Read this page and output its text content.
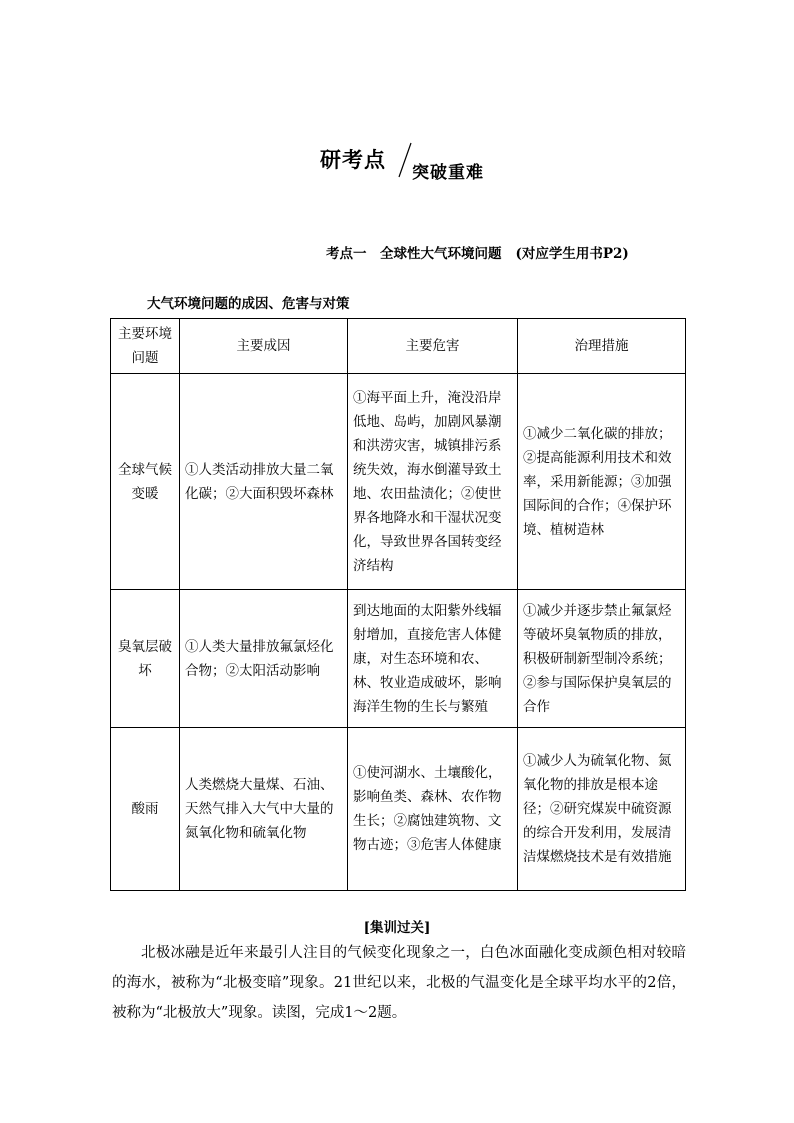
研考点
突破重难
考点一　全球性大气环境问题 (对应学生用书P2)
大气环境问题的成因、危害与对策
主要环境问题	主要成因	主要危害	治理措施
全球气候变暖	①人类活动排放大量二氧化碳；②大面积毁坏森林	①海平面上升，淹没沿岸低地、岛屿，加剧风暴潮和洪涝灾害，城镇排污系统失效，海水倒灌导致土地、农田盐渍化；②使世界各地降水和干湿状况变化，导致世界各国转变经济结构	①减少二氧化碳的排放；②提高能源利用技术和效率，采用新能源；③加强国际间的合作；④保护环境、植树造林
臭氧层破坏	①人类大量排放氟氯烃化合物；②太阳活动影响	到达地面的太阳紫外线辐射增加，直接危害人体健康，对生态环境和农、林、牧业造成破坏，影响海洋生物的生长与繁殖	①减少并逐步禁止氟氯烃等破坏臭氧物质的排放，积极研制新型制冷系统；②参与国际保护臭氧层的合作
酸雨	人类燃烧大量煤、石油、天然气排入大气中大量的氮氧化物和硫氧化物	①使河湖水、土壤酸化，影响鱼类、森林、农作物生长；②腐蚀建筑物、文物古迹；③危害人体健康	①减少人为硫氧化物、氮氧化物的排放是根本途径；②研究煤炭中硫资源的综合开发利用，发展清洁煤燃烧技术是有效措施
[集训过关]
北极冰融是近年来最引人注目的气候变化现象之一，白色冰面融化变成颜色相对较暗的海水，被称为“北极变暗”现象。21世纪以来，北极的气温变化是全球平均水平的2倍，被称为“北极放大”现象。读图，完成1～2题。
